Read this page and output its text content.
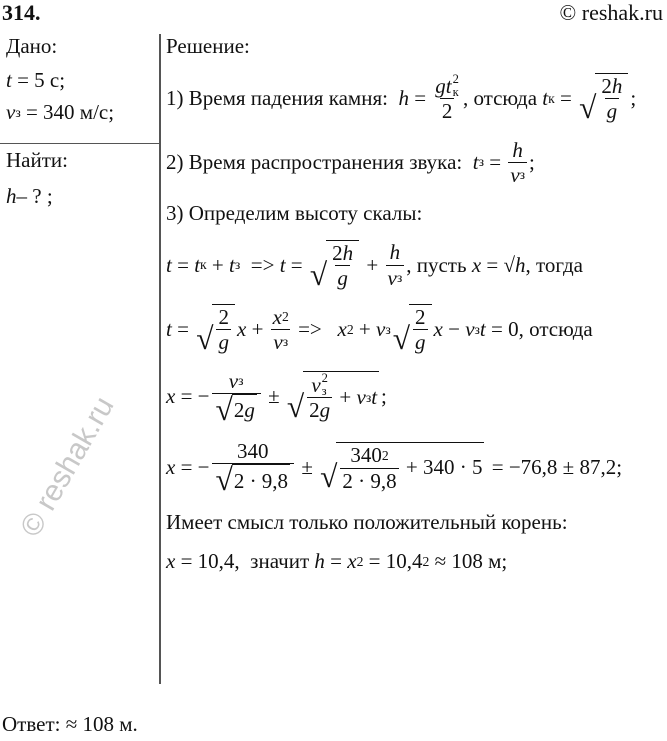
314.	© reshak.ru
Дано:
t = 5 с;
v з = 340 м/с;
Найти:
h – ? ;
Решение:
1) Время падения камня: h = g t 2
к
2 , отсюда t к = √ $\frac{2 h}{g}$ ;
2) Время распространения звука: t $з = \frac{h}{\text{v з}}$ ;
3) Определим высоту скалы:
t = t к + t з => t = √ $\frac{2 h}{g} + \frac{h}{\text{v з}}$ , пусть x = √ h , тогда
t = √ $\frac{2}{g}$ $x + \frac{x 2}{\text{v з}} => x$ 2 + v з √ $\frac{2}{g}$ x − v з t = 0, отсюда
x = − $\frac{\text{v з}}{√ 2 g}$ ± √ v 2
з
2 g + v з t ;
x = − $\frac{340}{√ 2 \cdot 9,8}$ ± √ $\frac{340 2}{2 \cdot 9,8} + 340 \cdot 5 = -76,8 \pm 87,2$;
Имеет смысл только положительный корень:
x = 10,4,  значит h = x 2 = 10,4 2 ≈ 108 м;
Ответ: ≈ 108 м.
© reshak.ru
